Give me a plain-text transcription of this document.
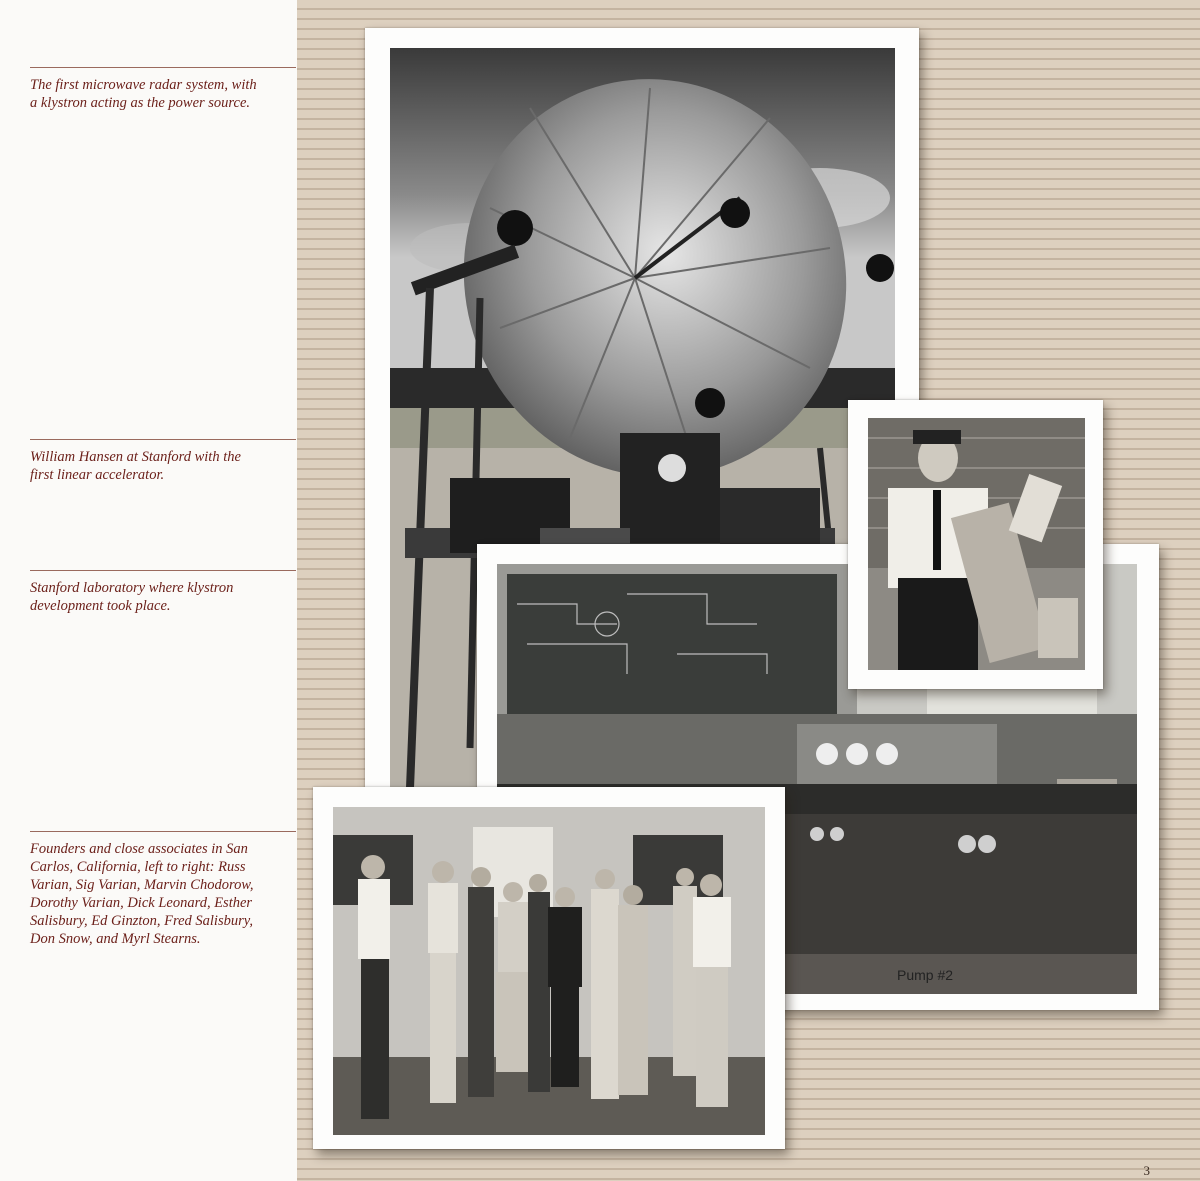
The first microwave radar system, with
a klystron acting as the power source.
William Hansen at Stanford with the
first linear accelerator.
Stanford laboratory where klystron
development took place.
Founders and close associates in San
Carlos, California, left to right: Russ
Varian, Sig Varian, Marvin Chodorow,
Dorothy Varian, Dick Leonard, Esther
Salisbury, Ed Ginzton, Fred Salisbury,
Don Snow, and Myrl Stearns.
Pump #2
3
